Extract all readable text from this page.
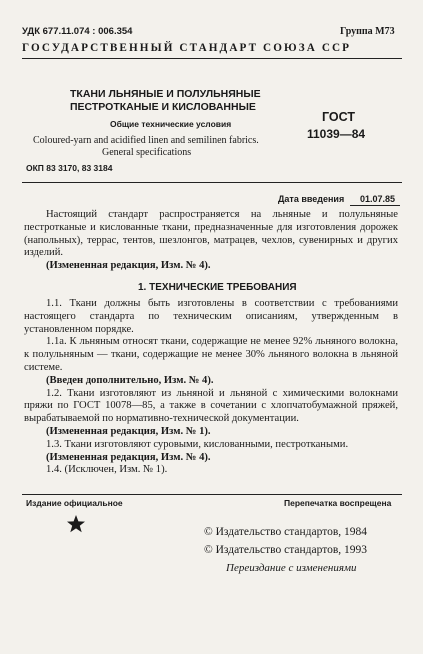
УДК 677.11.074 : 006.354	Группа М73
ГОСУДАРСТВЕННЫЙ СТАНДАРТ СОЮЗА ССР
ТКАНИ ЛЬНЯНЫЕ И ПОЛУЛЬНЯНЫЕ
ПЕСТРОТКАНЫЕ И КИСЛОВАННЫЕ
Общие технические условия
Coloured-yarn and acidified linen and semilinen fabrics.
General specifications
ГОСТ
11039—84
ОКП 83 3170, 83 3184
Дата введения 01.07.85

Настоящий стандарт распространяется на льняные и полульняные пестротканые и кислованные ткани, предназначенные для изготовления дорожек (напольных), террас, тентов, шезлонгов, матрацев, чехлов, сувенирных и других изделий.

(Измененная редакция, Изм. № 4).

1. ТЕХНИЧЕСКИЕ ТРЕБОВАНИЯ

1.1. Ткани должны быть изготовлены в соответствии с требованиями настоящего стандарта по техническим описаниям, утвержденным в установленном порядке.

1.1а. К льняным относят ткани, содержащие не менее 92% льняного волокна, к полульняным — ткани, содержащие не менее 30% льняного волокна в льняной системе.

(Введен дополнительно, Изм. № 4).

1.2. Ткани изготовляют из льняной и льняной с химическими волокнами пряжи по ГОСТ 10078—85, а также в сочетании с хлопчатобумажной пряжей, вырабатываемой по нормативно-технической документации.

(Измененная редакция, Изм. № 1).

1.3. Ткани изготовляют суровыми, кислованными, пестроткаными.

(Измененная редакция, Изм. № 4).

1.4. (Исключен, Изм. № 1).

Издание официальное	Перепечатка воспрещена
© Издательство стандартов, 1984
© Издательство стандартов, 1993
Переиздание с изменениями
